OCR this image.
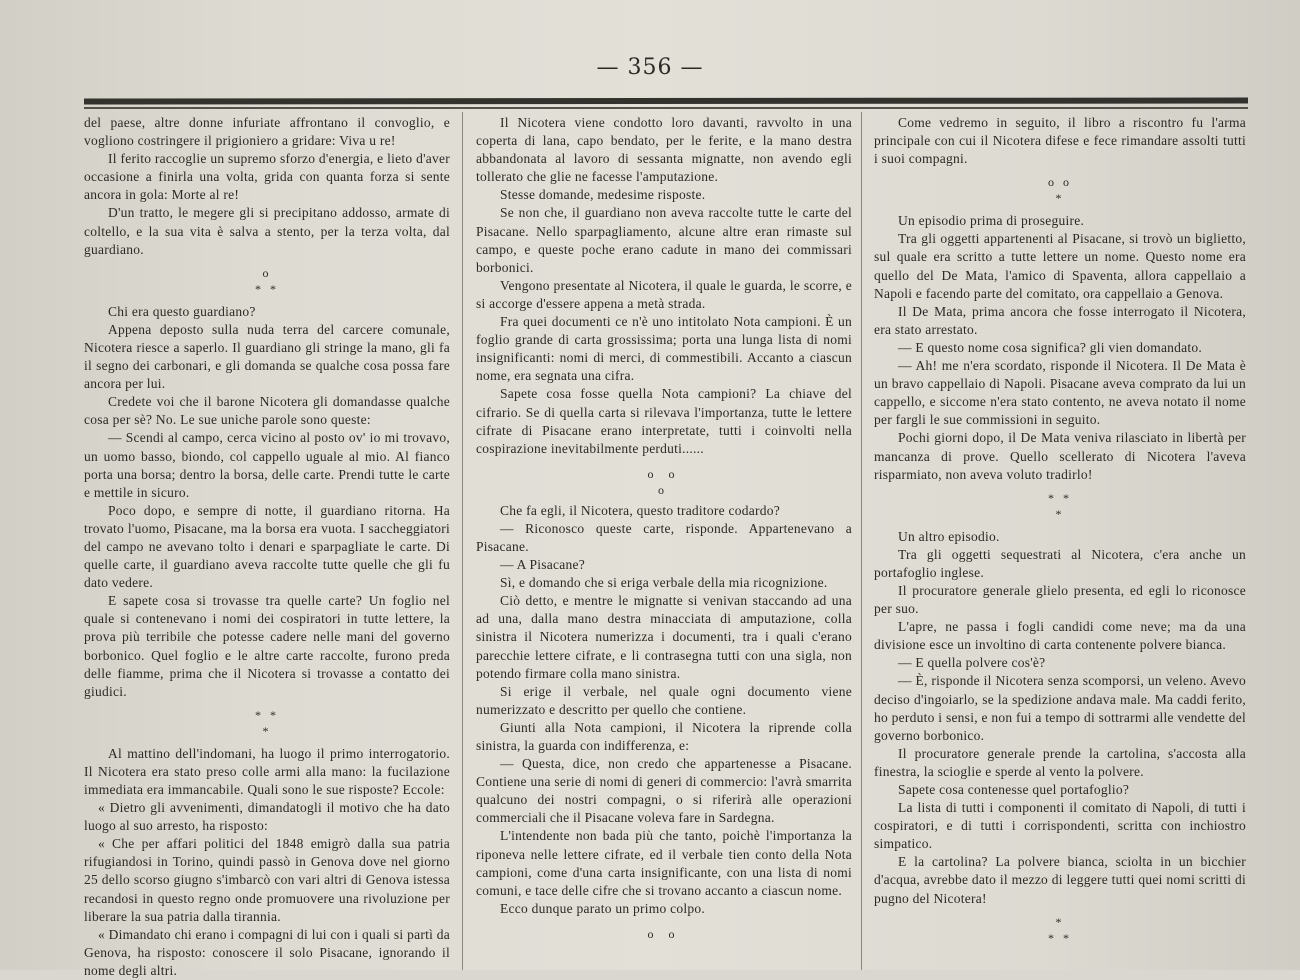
— 356 —

del paese, altre donne infuriate affrontano il convoglio, e vogliono costringere il prigioniero a gridare: Viva u re!

Il ferito raccoglie un supremo sforzo d'energia, e lieto d'aver occasione a finirla una volta, grida con quanta forza si sente ancora in gola: Morte al re!

D'un tratto, le megere gli si precipitano addosso, armate di coltello, e la sua vita è salva a stento, per la terza volta, dal guardiano.

o
* *

Chi era questo guardiano?

Appena deposto sulla nuda terra del carcere comunale, Nicotera riesce a saperlo. Il guardiano gli stringe la mano, gli fa il segno dei carbonari, e gli domanda se qualche cosa possa fare ancora per lui.

Credete voi che il barone Nicotera gli domandasse qualche cosa per sè? No. Le sue uniche parole sono queste:

— Scendi al campo, cerca vicino al posto ov' io mi trovavo, un uomo basso, biondo, col cappello uguale al mio. Al fianco porta una borsa; dentro la borsa, delle carte. Prendi tutte le carte e mettile in sicuro.

Poco dopo, e sempre di notte, il guardiano ritorna. Ha trovato l'uomo, Pisacane, ma la borsa era vuota. I saccheggiatori del campo ne avevano tolto i denari e sparpagliate le carte. Di quelle carte, il guardiano aveva raccolte tutte quelle che gli fu dato vedere.

E sapete cosa si trovasse tra quelle carte? Un foglio nel quale si contenevano i nomi dei cospiratori in tutte lettere, la prova più terribile che potesse cadere nelle mani del governo borbonico. Quel foglio e le altre carte raccolte, furono preda delle fiamme, prima che il Nicotera si trovasse a contatto dei giudici.

* *
*

Al mattino dell'indomani, ha luogo il primo interrogatorio. Il Nicotera era stato preso colle armi alla mano: la fucilazione immediata era immancabile. Quali sono le sue risposte? Eccole:

« Dietro gli avvenimenti, dimandatogli il motivo che ha dato luogo al suo arresto, ha risposto:

« Che per affari politici del 1848 emigrò dalla sua patria rifugiandosi in Torino, quindi passò in Genova dove nel giorno 25 dello scorso giugno s'imbarcò con vari altri di Genova istessa recandosi in questo regno onde promuovere una rivoluzione per liberare la sua patria dalla tirannia.

« Dimandato chi erano i compagni di lui con i quali si partì da Genova, ha risposto: conoscere il solo Pisacane, ignorando il nome degli altri.

Il Nicotera viene condotto loro davanti, ravvolto in una coperta di lana, capo bendato, per le ferite, e la mano destra abbandonata al lavoro di sessanta mignatte, non avendo egli tollerato che glie ne facesse l'amputazione.

Stesse domande, medesime risposte.

Se non che, il guardiano non aveva raccolte tutte le carte del Pisacane. Nello sparpagliamento, alcune altre eran rimaste sul campo, e queste poche erano cadute in mano dei commissari borbonici.

Vengono presentate al Nicotera, il quale le guarda, le scorre, e si accorge d'essere appena a metà strada.

Fra quei documenti ce n'è uno intitolato Nota campioni. È un foglio grande di carta grossissima; porta una lunga lista di nomi insignificanti: nomi di merci, di commestibili. Accanto a ciascun nome, era segnata una cifra.

Sapete cosa fosse quella Nota campioni? La chiave del cifrario. Se di quella carta si rilevava l'importanza, tutte le lettere cifrate di Pisacane erano interpretate, tutti i coinvolti nella cospirazione inevitabilmente perduti......

o o
o

Che fa egli, il Nicotera, questo traditore codardo?

— Riconosco queste carte, risponde. Appartenevano a Pisacane.

— A Pisacane?

Sì, e domando che si eriga verbale della mia ricognizione.

Ciò detto, e mentre le mignatte si venivan staccando ad una ad una, dalla mano destra minacciata di amputazione, colla sinistra il Nicotera numerizza i documenti, tra i quali c'erano parecchie lettere cifrate, e li contrasegna tutti con una sigla, non potendo firmare colla mano sinistra.

Si erige il verbale, nel quale ogni documento viene numerizzato e descritto per quello che contiene.

Giunti alla Nota campioni, il Nicotera la riprende colla sinistra, la guarda con indifferenza, e:

— Questa, dice, non credo che appartenesse a Pisacane. Contiene una serie di nomi di generi di commercio: l'avrà smarrita qualcuno dei nostri compagni, o si riferirà alle operazioni commerciali che il Pisacane voleva fare in Sardegna.

L'intendente non bada più che tanto, poichè l'importanza la riponeva nelle lettere cifrate, ed il verbale tien conto della Nota campioni, come d'una carta insignificante, con una lista di nomi comuni, e tace delle cifre che si trovano accanto a ciascun nome.

Ecco dunque parato un primo colpo.

o o

Come vedremo in seguito, il libro a riscontro fu l'arma principale con cui il Nicotera difese e fece rimandare assolti tutti i suoi compagni.

o o
*

Un episodio prima di proseguire.

Tra gli oggetti appartenenti al Pisacane, si trovò un biglietto, sul quale era scritto a tutte lettere un nome. Questo nome era quello del De Mata, l'amico di Spaventa, allora cappellaio a Napoli e facendo parte del comitato, ora cappellaio a Genova.

Il De Mata, prima ancora che fosse interrogato il Nicotera, era stato arrestato.

— E questo nome cosa significa? gli vien domandato.

— Ah! me n'era scordato, risponde il Nicotera. Il De Mata è un bravo cappellaio di Napoli. Pisacane aveva comprato da lui un cappello, e siccome n'era stato contento, ne aveva notato il nome per fargli le sue commissioni in seguito.

Pochi giorni dopo, il De Mata veniva rilasciato in libertà per mancanza di prove. Quello scellerato di Nicotera l'aveva risparmiato, non aveva voluto tradirlo!

* *
*

Un altro episodio.

Tra gli oggetti sequestrati al Nicotera, c'era anche un portafoglio inglese.

Il procuratore generale glielo presenta, ed egli lo riconosce per suo.

L'apre, ne passa i fogli candidi come neve; ma da una divisione esce un involtino di carta contenente polvere bianca.

— E quella polvere cos'è?

— È, risponde il Nicotera senza scomporsi, un veleno. Avevo deciso d'ingoiarlo, se la spedizione andava male. Ma caddi ferito, ho perduto i sensi, e non fui a tempo di sottrarmi alle vendette del governo borbonico.

Il procuratore generale prende la cartolina, s'accosta alla finestra, la scioglie e sperde al vento la polvere.

Sapete cosa contenesse quel portafoglio?

La lista di tutti i componenti il comitato di Napoli, di tutti i cospiratori, e di tutti i corrispondenti, scritta con inchiostro simpatico.

E la cartolina? La polvere bianca, sciolta in un bicchier d'acqua, avrebbe dato il mezzo di leggere tutti quei nomi scritti di pugno del Nicotera!

*
* *
